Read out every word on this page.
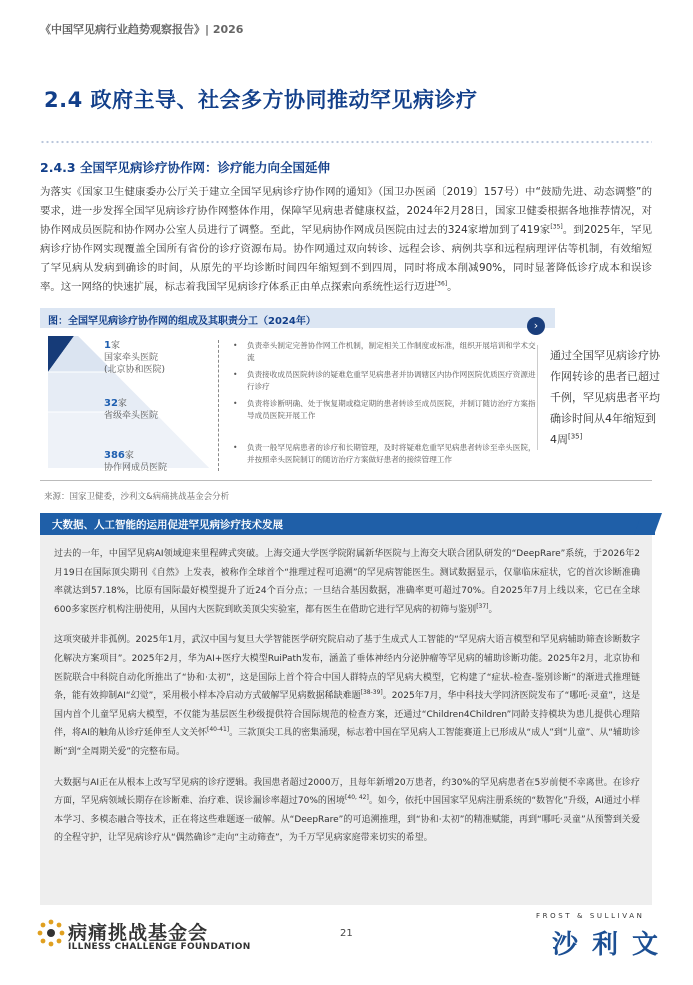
《中国罕见病行业趋势观察报告》| 2026
2.4 政府主导、社会多方协同推动罕见病诊疗
2.4.3 全国罕见病诊疗协作网：诊疗能力向全国延伸

为落实《国家卫生健康委办公厅关于建立全国罕见病诊疗协作网的通知》（国卫办医函〔2019〕157号）中“鼓励先进、动态调整”的要求，进一步发挥全国罕见病诊疗协作网整体作用，保障罕见病患者健康权益，2024年2月28日，国家卫健委根据各地推荐情况，对协作网成员医院和协作网办公室人员进行了调整。至此，罕见病协作网成员医院由过去的324家增加到了419家[35]。到2025年，罕见病诊疗协作网实现覆盖全国所有省份的诊疗资源布局。协作网通过双向转诊、远程会诊、病例共享和远程病理评估等机制，有效缩短了罕见病从发病到确诊的时间，从原先的平均诊断时间四年缩短到不到四周，同时将成本削减90%，同时显著降低诊疗成本和误诊率。这一网络的快速扩展，标志着我国罕见病诊疗体系正由单点探索向系统性运行迈进[36]。

图：全国罕见病诊疗协作网的组成及其职责分工（2024年）	›
1家
国家牵头医院
(北京协和医院)
32家
省级牵头医院
386家
协作网成员医院
• 负责牵头制定完善协作网工作机制，制定相关工作制度或标准，组织开展培训和学术交流
• 负责接收成员医院转诊的疑难危重罕见病患者并协调辖区内协作网医院优质医疗资源进行诊疗
• 负责将诊断明确、处于恢复期或稳定期的患者转诊至成员医院，并制订随访治疗方案指导成员医院开展工作
• 负责一般罕见病患者的诊疗和长期管理，及时将疑难危重罕见病患者转诊至牵头医院，并按照牵头医院制订的随访治疗方案做好患者的接续管理工作
通过全国罕见病诊疗协作网转诊的患者已超过千例，罕见病患者平均确诊时间从4年缩短到4周[35]
来源：国家卫健委，沙利文&病痛挑战基金会分析
大数据、人工智能的运用促进罕见病诊疗技术发展

过去的一年，中国罕见病AI领域迎来里程碑式突破。上海交通大学医学院附属新华医院与上海交大联合团队研发的“DeepRare”系统，于2026年2月19日在国际顶尖期刊《自然》上发表，被称作全球首个“推理过程可追溯”的罕见病智能医生。测试数据显示，仅靠临床症状，它的首次诊断准确率就达到57.18%，比原有国际最好模型提升了近24个百分点；一旦结合基因数据，准确率更可超过70%。自2025年7月上线以来，它已在全球600多家医疗机构注册使用，从国内大医院到欧美顶尖实验室，都有医生在借助它进行罕见病的初筛与鉴别[37]。

这项突破并非孤例。2025年1月，武汉中国与复旦大学智能医学研究院启动了基于生成式人工智能的“罕见病大语言模型和罕见病辅助筛查诊断数字化解决方案项目”。2025年2月，华为AI+医疗大模型RuiPath发布，涵盖了垂体神经内分泌肿瘤等罕见病的辅助诊断功能。2025年2月，北京协和医院联合中科院自动化所推出了“协和·太初”，这是国际上首个符合中国人群特点的罕见病大模型，它构建了“症状-检查-鉴别诊断”的渐进式推理链条，能有效抑制AI“幻觉”，采用极小样本冷启动方式破解罕见病数据稀缺难题[38-39]。2025年7月，华中科技大学同济医院发布了“哪吒·灵童”，这是国内首个儿童罕见病大模型，不仅能为基层医生秒级提供符合国际规范的检查方案，还通过“Children4Children”同龄支持模块为患儿提供心理陪伴，将AI的触角从诊疗延伸至人文关怀[40-41]。三款顶尖工具的密集涌现，标志着中国在罕见病人工智能赛道上已形成从“成人”到“儿童”、从“辅助诊断”到“全周期关爱”的完整布局。

大数据与AI正在从根本上改写罕见病的诊疗逻辑。我国患者超过2000万，且每年新增20万患者，约30%的罕见病患者在5岁前便不幸离世。在诊疗方面，罕见病领域长期存在诊断难、治疗难、误诊漏诊率超过70%的困境[40, 42]。如今，依托中国国家罕见病注册系统的“数智化”升级，AI通过小样本学习、多模态融合等技术，正在将这些难题逐一破解。从“DeepRare”的可追溯推理，到“协和·太初”的精准赋能，再到“哪吒·灵童”从预警到关爱的全程守护，让罕见病诊疗从“偶然确诊”走向“主动筛查”，为千万罕见病家庭带来切实的希望。

病痛挑战基金会
ILLNESS CHALLENGE FOUNDATION
21
FROST & SULLIVAN
沙利文
